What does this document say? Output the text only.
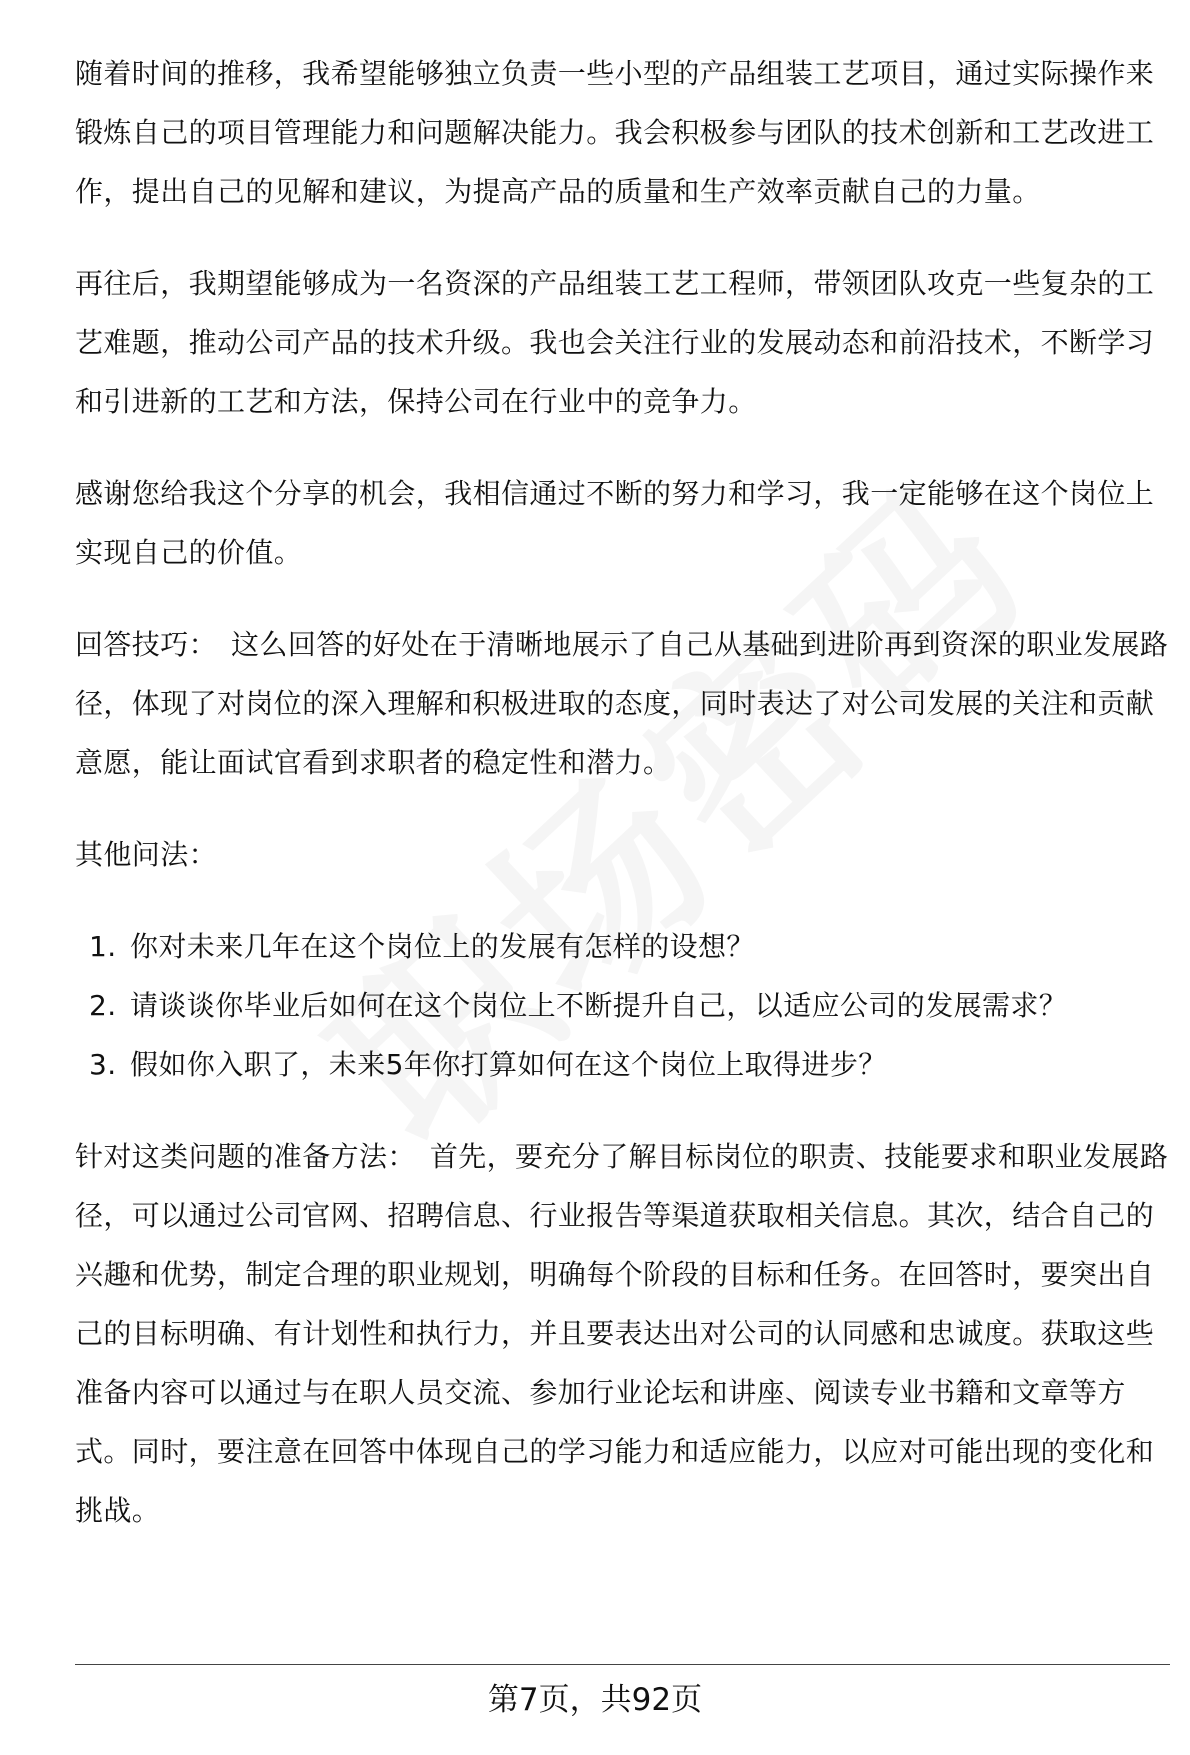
随着时间的推移，我希望能够独立负责一些小型的产品组装工艺项目，通过实际操作来锻炼自己的项目管理能力和问题解决能力。我会积极参与团队的技术创新和工艺改进工作，提出自己的见解和建议，为提高产品的质量和生产效率贡献自己的力量。

再往后，我期望能够成为一名资深的产品组装工艺工程师，带领团队攻克一些复杂的工艺难题，推动公司产品的技术升级。我也会关注行业的发展动态和前沿技术，不断学习和引进新的工艺和方法，保持公司在行业中的竞争力。

感谢您给我这个分享的机会，我相信通过不断的努力和学习，我一定能够在这个岗位上实现自己的价值。

回答技巧： 这么回答的好处在于清晰地展示了自己从基础到进阶再到资深的职业发展路径，体现了对岗位的深入理解和积极进取的态度，同时表达了对公司发展的关注和贡献意愿，能让面试官看到求职者的稳定性和潜力。

其他问法：

1. 你对未来几年在这个岗位上的发展有怎样的设想？
2. 请谈谈你毕业后如何在这个岗位上不断提升自己，以适应公司的发展需求？
3. 假如你入职了，未来5年你打算如何在这个岗位上取得进步？

针对这类问题的准备方法： 首先，要充分了解目标岗位的职责、技能要求和职业发展路径，可以通过公司官网、招聘信息、行业报告等渠道获取相关信息。其次，结合自己的兴趣和优势，制定合理的职业规划，明确每个阶段的目标和任务。在回答时，要突出自己的目标明确、有计划性和执行力，并且要表达出对公司的认同感和忠诚度。获取这些准备内容可以通过与在职人员交流、参加行业论坛和讲座、阅读专业书籍和文章等方式。同时，要注意在回答中体现自己的学习能力和适应能力，以应对可能出现的变化和挑战。

第7页，共92页
